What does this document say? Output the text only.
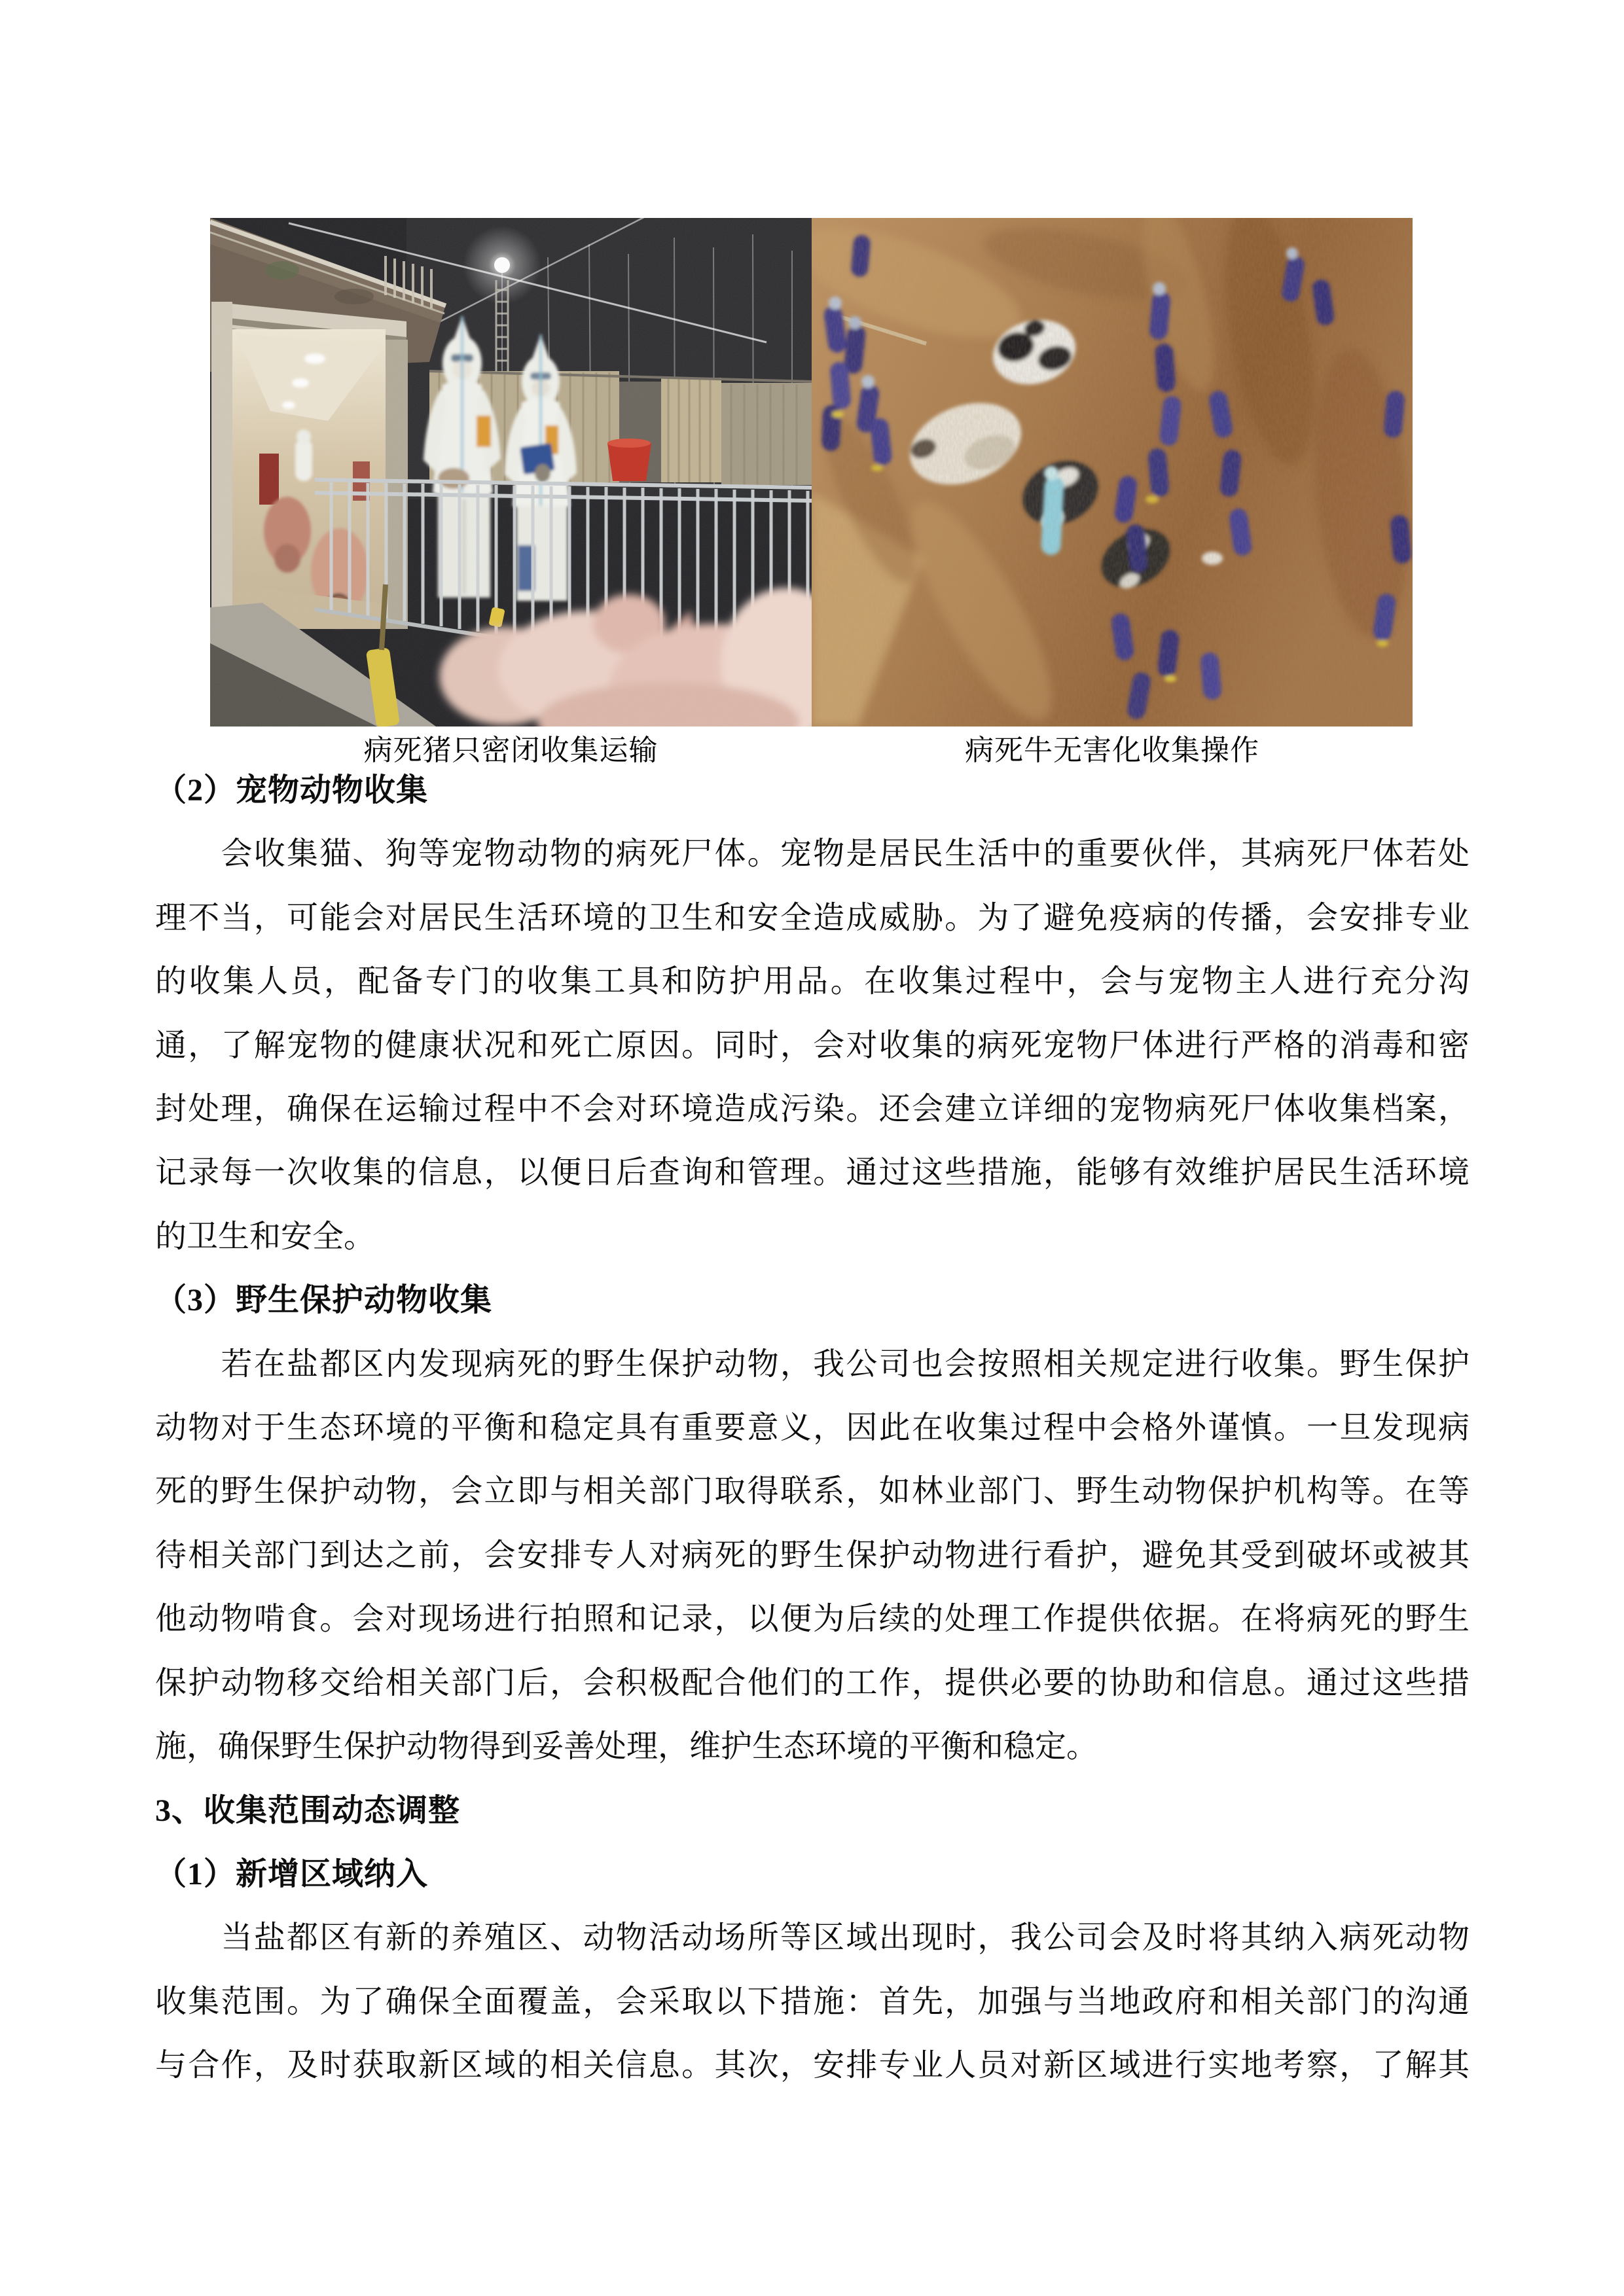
病死猪只密闭收集运输	病死牛无害化收集操作
（2）宠物动物收集
　　会收集猫、狗等宠物动物的病死尸体。宠物是居民生活中的重要伙伴，其病死尸体若处
理不当，可能会对居民生活环境的卫生和安全造成威胁。为了避免疫病的传播，会安排专业
的收集人员，配备专门的收集工具和防护用品。在收集过程中，会与宠物主人进行充分沟
通，了解宠物的健康状况和死亡原因。同时，会对收集的病死宠物尸体进行严格的消毒和密
封处理，确保在运输过程中不会对环境造成污染。还会建立详细的宠物病死尸体收集档案，
记录每一次收集的信息，以便日后查询和管理。通过这些措施，能够有效维护居民生活环境
的卫生和安全。
（3）野生保护动物收集
　　若在盐都区内发现病死的野生保护动物，我公司也会按照相关规定进行收集。野生保护
动物对于生态环境的平衡和稳定具有重要意义，因此在收集过程中会格外谨慎。一旦发现病
死的野生保护动物，会立即与相关部门取得联系，如林业部门、野生动物保护机构等。在等
待相关部门到达之前，会安排专人对病死的野生保护动物进行看护，避免其受到破坏或被其
他动物啃食。会对现场进行拍照和记录，以便为后续的处理工作提供依据。在将病死的野生
保护动物移交给相关部门后，会积极配合他们的工作，提供必要的协助和信息。通过这些措
施，确保野生保护动物得到妥善处理，维护生态环境的平衡和稳定。
3、收集范围动态调整
（1）新增区域纳入
　　当盐都区有新的养殖区、动物活动场所等区域出现时，我公司会及时将其纳入病死动物
收集范围。为了确保全面覆盖，会采取以下措施：首先，加强与当地政府和相关部门的沟通
与合作，及时获取新区域的相关信息。其次，安排专业人员对新区域进行实地考察，了解其
